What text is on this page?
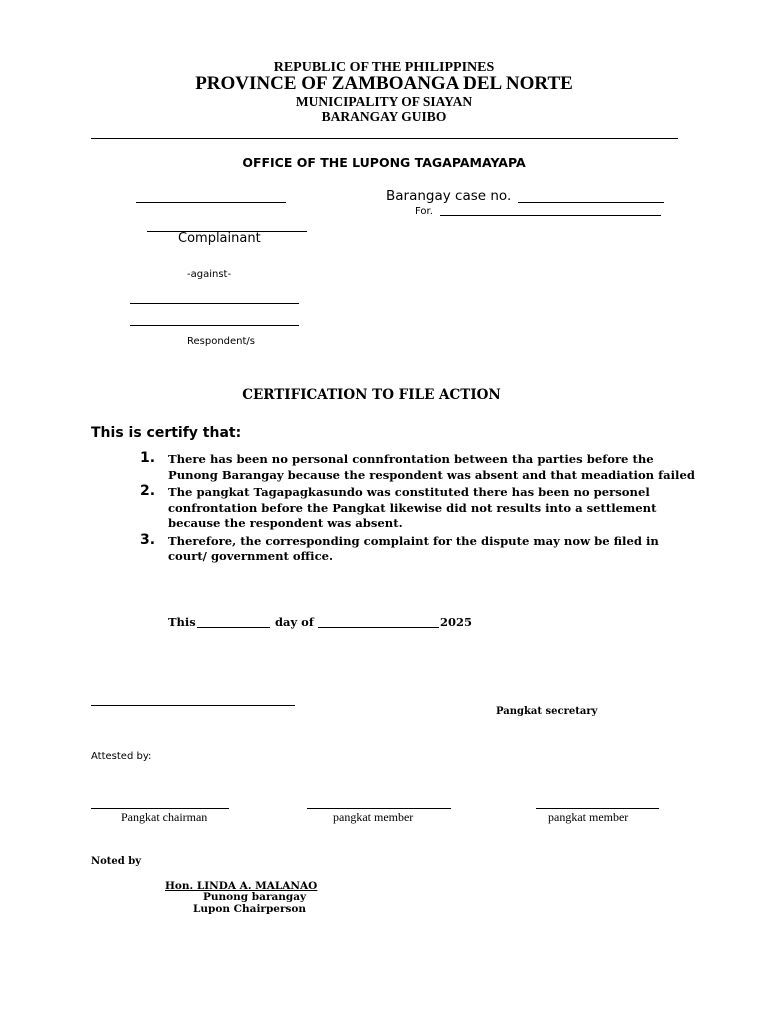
REPUBLIC OF THE PHILIPPINES
PROVINCE OF ZAMBOANGA DEL NORTE
MUNICIPALITY OF SIAYAN
BARANGAY GUIBO
OFFICE OF THE LUPONG TAGAPAMAYAPA
Barangay case no.
For.
Complainant
-against-
Respondent/s
CERTIFICATION TO FILE ACTION
This is certify that:
1. There has been no personal connfrontation between tha parties before the Punong Barangay because the respondent was absent and that meadiation failed
2. The pangkat Tagapagkasundo was constituted there has been no personel confrontation before the Pangkat likewise did not results into a settlement because the respondent was absent.
3. Therefore, the corresponding complaint for the dispute may now be filed in court/ government office.
This	day of	2025
Pangkat secretary
Attested by:
Pangkat chairman	pangkat member	pangkat member
Noted by
Hon. LINDA A. MALANAO
Punong barangay
Lupon Chairperson
